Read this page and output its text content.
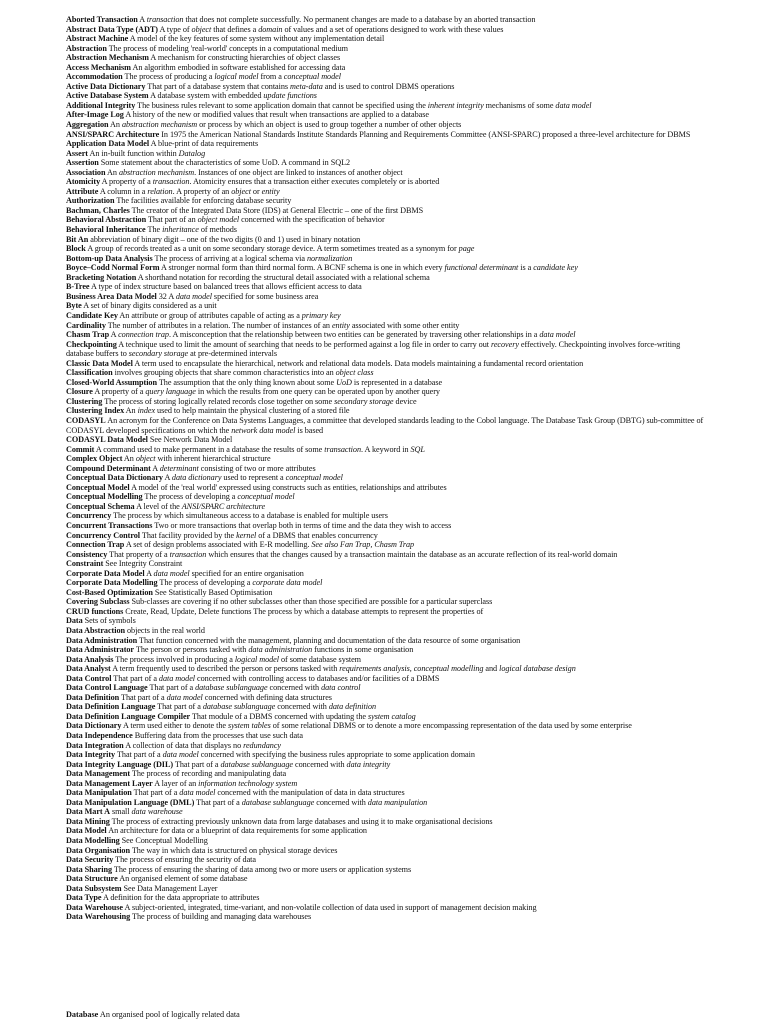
Aborted Transaction A transaction that does not complete successfully. No permanent changes are made to a database by an aborted transaction

Abstract Data Type (ADT) A type of object that defines a domain of values and a set of operations designed to work with these values

Abstract Machine A model of the key features of some system without any implementation detail

Abstraction The process of modeling 'real-world' concepts in a computational medium

Abstraction Mechanism A mechanism for constructing hierarchies of object classes

Access Mechanism An algorithm embodied in software established for accessing data

Accommodation The process of producing a logical model from a conceptual model

Active Data Dictionary That part of a database system that contains meta-data and is used to control DBMS operations

Active Database System A database system with embedded update functions

Additional Integrity The business rules relevant to some application domain that cannot be specified using the inherent integrity mechanisms of some data model

After-Image Log A history of the new or modified values that result when transactions are applied to a database

Aggregation An abstraction mechanism or process by which an object is used to group together a number of other objects

ANSI/SPARC Architecture In 1975 the American National Standards Institute Standards Planning and Requirements Committee (ANSI-SPARC) proposed a three-level architecture for DBMS

Application Data Model A blue-print of data requirements

Assert An in-built function within Datalog

Assertion Some statement about the characteristics of some UoD. A command in SQL2

Association An abstraction mechanism. Instances of one object are linked to instances of another object

Atomicity A property of a transaction. Atomicity ensures that a transaction either executes completely or is aborted

Attribute A column in a relation. A property of an object or entity

Authorization The facilities available for enforcing database security

Bachman, Charles The creator of the Integrated Data Store (IDS) at General Electric – one of the first DBMS

Behavioral Abstraction That part of an object model concerned with the specification of behavior

Behavioral Inheritance The inheritance of methods

Bit An abbreviation of binary digit – one of the two digits (0 and 1) used in binary notation

Block A group of records treated as a unit on some secondary storage device. A term sometimes treated as a synonym for page

Bottom-up Data Analysis The process of arriving at a logical schema via normalization

Boyce–Codd Normal Form A stronger normal form than third normal form. A BCNF schema is one in which every functional determinant is a candidate key

Bracketing Notation A shorthand notation for recording the structural detail associated with a relational schema

B-Tree A type of index structure based on balanced trees that allows efficient access to data

Business Area Data Model 32 A data model specified for some business area

Byte A set of binary digits considered as a unit

Candidate Key An attribute or group of attributes capable of acting as a primary key

Cardinality The number of attributes in a relation. The number of instances of an entity associated with some other entity

Chasm Trap A connection trap. A misconception that the relationship between two entities can be generated by traversing other relationships in a data model

Checkpointing A technique used to limit the amount of searching that needs to be performed against a log file in order to carry out recovery effectively. Checkpointing involves force-writing database buffers to secondary storage at pre-determined intervals

Classic Data Model A term used to encapsulate the hierarchical, network and relational data models. Data models maintaining a fundamental record orientation

Classification involves grouping objects that share common characteristics into an object class

Closed-World Assumption The assumption that the only thing known about some UoD is represented in a database

Closure A property of a query language in which the results from one query can be operated upon by another query

Clustering The process of storing logically related records close together on some secondary storage device

Clustering Index An index used to help maintain the physical clustering of a stored file

CODASYL An acronym for the Conference on Data Systems Languages, a committee that developed standards leading to the Cobol language. The Database Task Group (DBTG) sub-committee of CODASYL developed specifications on which the network data model is based

CODASYL Data Model See Network Data Model

Commit A command used to make permanent in a database the results of some transaction. A keyword in SQL

Complex Object An object with inherent hierarchical structure

Compound Determinant A determinant consisting of two or more attributes

Conceptual Data Dictionary A data dictionary used to represent a conceptual model

Conceptual Model A model of the 'real world' expressed using constructs such as entities, relationships and attributes

Conceptual Modelling The process of developing a conceptual model

Conceptual Schema A level of the ANSI/SPARC architecture

Concurrency The process by which simultaneous access to a database is enabled for multiple users

Concurrent Transactions Two or more transactions that overlap both in terms of time and the data they wish to access

Concurrency Control That facility provided by the kernel of a DBMS that enables concurrency

Connection Trap A set of design problems associated with E-R modelling. See also Fan Trap, Chasm Trap

Consistency That property of a transaction which ensures that the changes caused by a transaction maintain the database as an accurate reflection of its real-world domain

Constraint See Integrity Constraint

Corporate Data Model A data model specified for an entire organisation

Corporate Data Modelling The process of developing a corporate data model

Cost-Based Optimization See Statistically Based Optimisation

Covering Subclass Sub-classes are covering if no other subclasses other than those specified are possible for a particular superclass

CRUD functions Create, Read, Update, Delete functions The process by which a database attempts to represent the properties of

Data Sets of symbols

Data Abstraction objects in the real world

Data Administration That function concerned with the management, planning and documentation of the data resource of some organisation

Data Administrator The person or persons tasked with data administration functions in some organisation

Data Analysis The process involved in producing a logical model of some database system

Data Analyst A term frequently used to described the person or persons tasked with requirements analysis, conceptual modelling and logical database design

Data Control That part of a data model concerned with controlling access to databases and/or facilities of a DBMS

Data Control Language That part of a database sublanguage concerned with data control

Data Definition That part of a data model concerned with defining data structures

Data Definition Language That part of a database sublanguage concerned with data definition

Data Definition Language Compiler That module of a DBMS concerned with updating the system catalog

Data Dictionary A term used either to denote the system tables of some relational DBMS or to denote a more encompassing representation of the data used by some enterprise

Data Independence Buffering data from the processes that use such data

Data Integration A collection of data that displays no redundancy

Data Integrity That part of a data model concerned with specifying the business rules appropriate to some application domain

Data Integrity Language (DIL) That part of a database sublanguage concerned with data integrity

Data Management The process of recording and manipulating data

Data Management Layer A layer of an information technology system

Data Manipulation That part of a data model concerned with the manipulation of data in data structures

Data Manipulation Language (DML) That part of a database sublanguage concerned with data manipulation

Data Mart A small data warehouse

Data Mining The process of extracting previously unknown data from large databases and using it to make organisational decisions

Data Model An architecture for data or a blueprint of data requirements for some application

Data Modelling See Conceptual Modelling

Data Organisation The way in which data is structured on physical storage devices

Data Security The process of ensuring the security of data

Data Sharing The process of ensuring the sharing of data among two or more users or application systems

Data Structure An organised element of some database

Data Subsystem See Data Management Layer

Data Type A definition for the data appropriate to attributes

Data Warehouse A subject-oriented, integrated, time-variant, and non-volatile collection of data used in support of management decision making

Data Warehousing The process of building and managing data warehouses

Database An organised pool of logically related data
